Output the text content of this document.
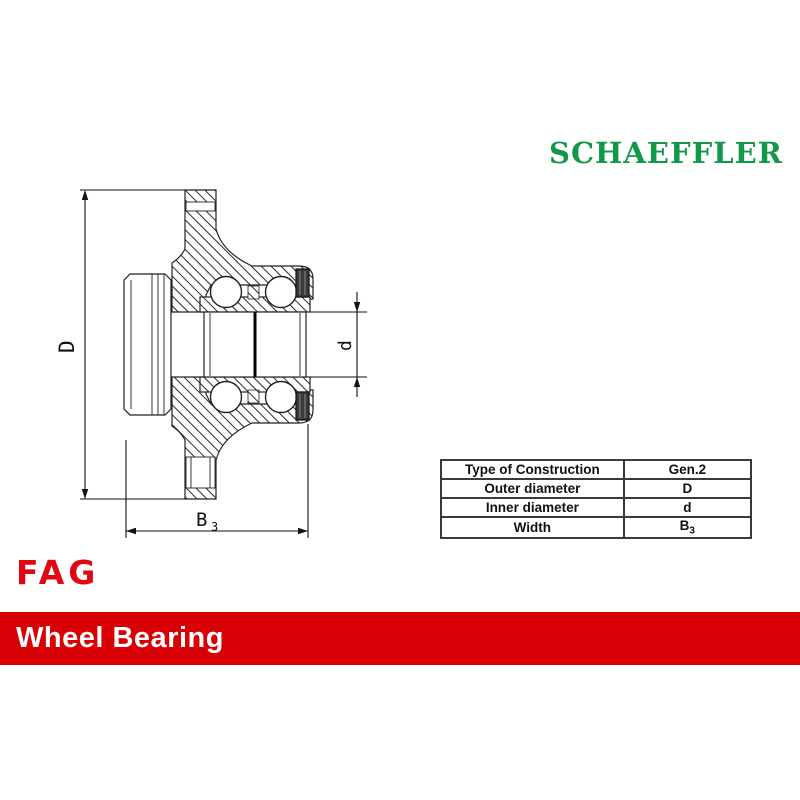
SCHAEFFLER
D	d
B 3
Type of Construction	Gen.2
Outer diameter	D
Inner diameter	d
Width	$B_3$
FAG
Wheel Bearing
